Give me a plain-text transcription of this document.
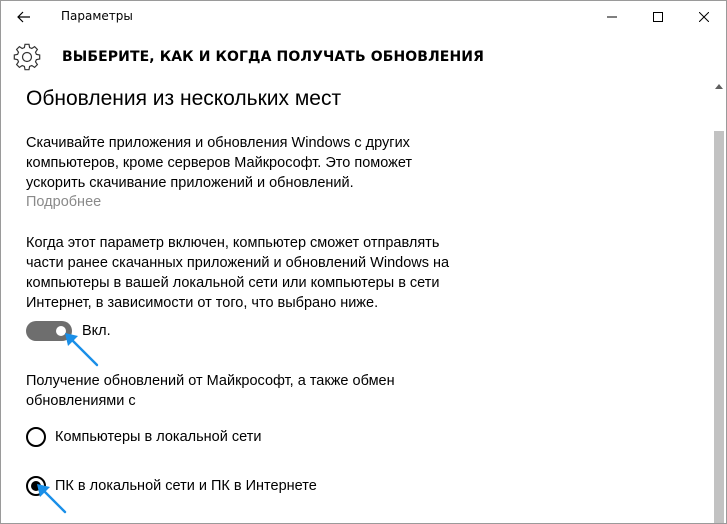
Параметры
ВЫБЕРИТЕ, КАК И КОГДА ПОЛУЧАТЬ ОБНОВЛЕНИЯ
Обновления из нескольких мест
Скачивайте приложения и обновления Windows с других
компьютеров, кроме серверов Майкрософт. Это поможет
ускорить скачивание приложений и обновлений.
Подробнее
Когда этот параметр включен, компьютер сможет отправлять
части ранее скачанных приложений и обновлений Windows на
компьютеры в вашей локальной сети или компьютеры в сети
Интернет, в зависимости от того, что выбрано ниже.
Вкл.
Получение обновлений от Майкрософт, а также обмен
обновлениями с
Компьютеры в локальной сети
ПК в локальной сети и ПК в Интернете
